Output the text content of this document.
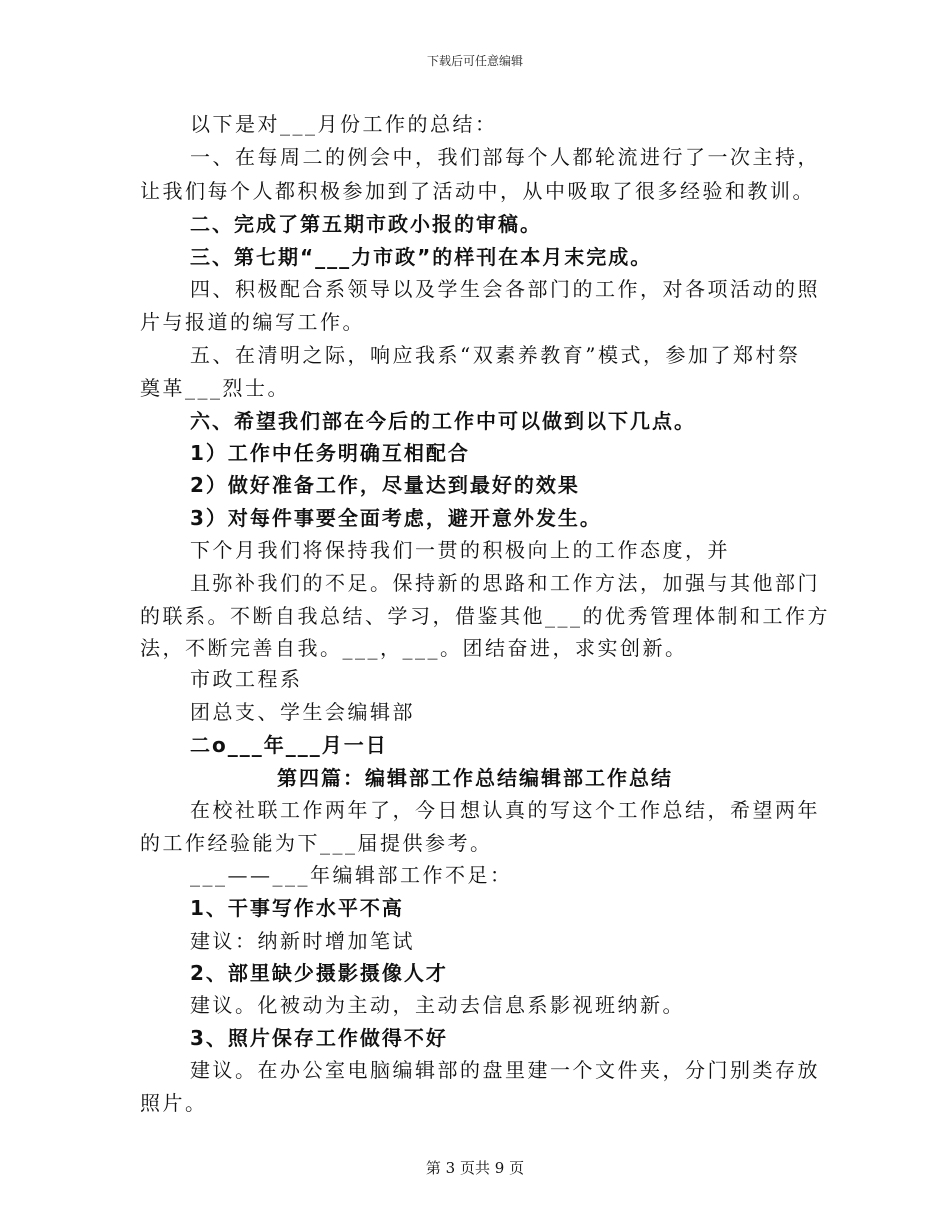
下载后可任意编辑
以下是对___月份工作的总结：
一、在每周二的例会中，我们部每个人都轮流进行了一次主持，
让我们每个人都积极参加到了活动中，从中吸取了很多经验和教训。
二、完成了第五期市政小报的审稿。
三、第七期“___力市政”的样刊在本月末完成。
四、积极配合系领导以及学生会各部门的工作，对各项活动的照
片与报道的编写工作。
五、在清明之际，响应我系“双素养教育”模式，参加了郑村祭
奠革___烈士。
六、希望我们部在今后的工作中可以做到以下几点。
1）工作中任务明确互相配合
2）做好准备工作，尽量达到最好的效果
3）对每件事要全面考虑，避开意外发生。
下个月我们将保持我们一贯的积极向上的工作态度，并
且弥补我们的不足。保持新的思路和工作方法，加强与其他部门
的联系。不断自我总结、学习，借鉴其他___的优秀管理体制和工作方
法，不断完善自我。___，___。团结奋进，求实创新。
市政工程系
团总支、学生会编辑部
二o___年___月一日
第四篇：编辑部工作总结编辑部工作总结
在校社联工作两年了，今日想认真的写这个工作总结，希望两年
的工作经验能为下___届提供参考。
___——___年编辑部工作不足：
1、干事写作水平不高
建议：纳新时增加笔试
2、部里缺少摄影摄像人才
建议。化被动为主动，主动去信息系影视班纳新。
3、照片保存工作做得不好
建议。在办公室电脑编辑部的盘里建一个文件夹，分门别类存放
照片。
第 3 页共 9 页
